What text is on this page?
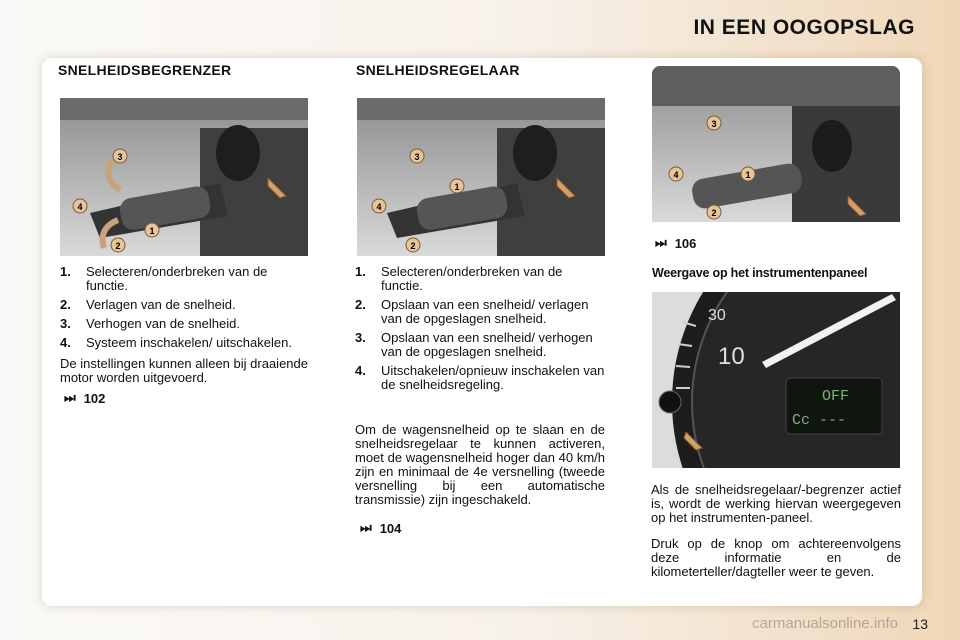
IN EEN OOGOPSLAG
SNELHEIDSBEGRENZER
3
4
1
2
1.	Selecteren/onderbreken van de functie.
2.	Verlagen van de snelheid.
3.	Verhogen van de snelheid.
4.	Systeem inschakelen/ uitschakelen.
De instellingen kunnen alleen bij draaiende motor worden uitgevoerd.
⏭ 102
SNELHEIDSREGELAAR
3
1
4
2
1.	Selecteren/onderbreken van de functie.
2.	Opslaan van een snelheid/ verlagen van de opgeslagen snelheid.
3.	Opslaan van een snelheid/ verhogen van de opgeslagen snelheid.
4.	Uitschakelen/opnieuw inschakelen van de snelheidsregeling.
Om de wagensnelheid op te slaan en de snelheidsregelaar te kunnen activeren, moet de wagensnelheid hoger dan 40 km/h zijn en minimaal de 4e versnelling (tweede versnelling bij een automatische transmissie) zijn ingeschakeld.
⏭ 104
3
4	1
2
⏭ 106
Weergave op het instrumentenpaneel
30
10
OFF
Cc ---
Als de snelheidsregelaar/-begrenzer actief is, wordt de werking hiervan weergegeven op het instrumenten-paneel.
Druk op de knop om achtereenvolgens deze informatie en de kilometerteller/dagteller weer te geven.
carmanualsonline.info 13
